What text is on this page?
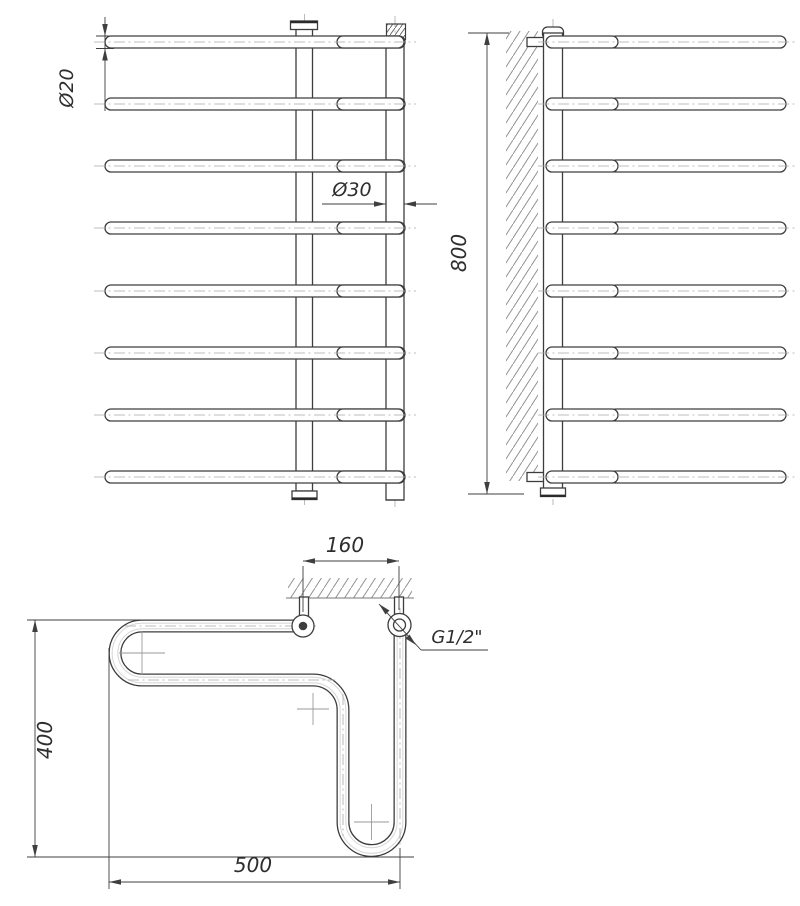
Ø20
Ø30
800
160
G1/2"
400
500
